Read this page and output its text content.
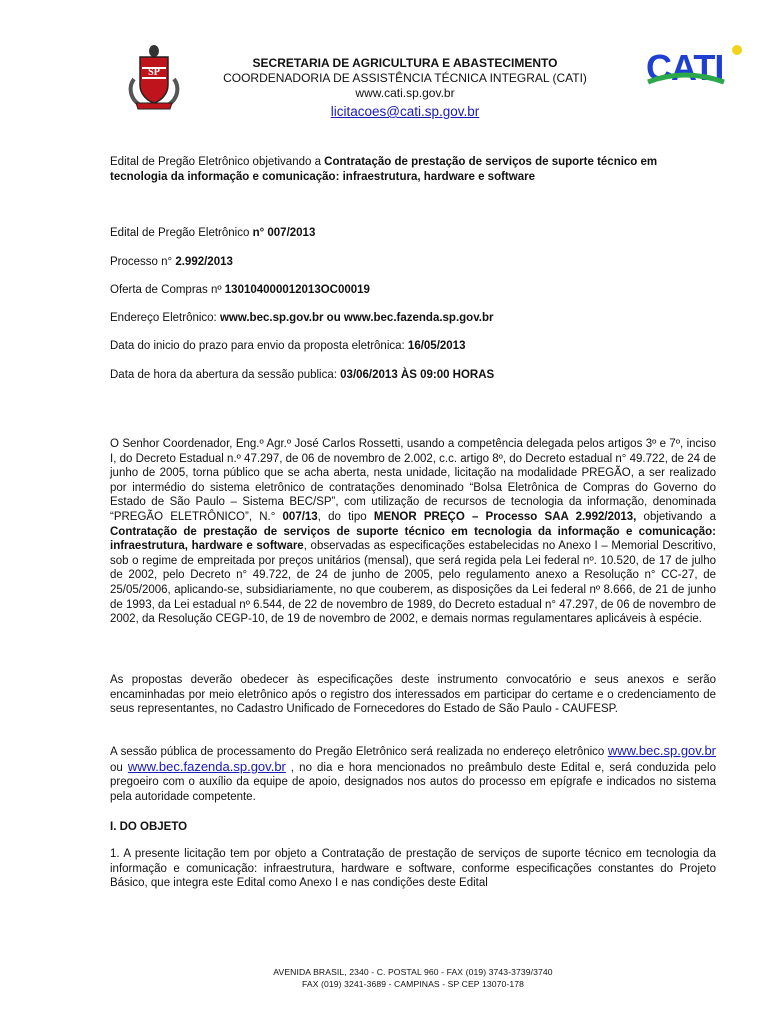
SP	CATI
SECRETARIA DE AGRICULTURA E ABASTECIMENTO
COORDENADORIA DE ASSISTÊNCIA TÉCNICA INTEGRAL (CATI)
www.cati.sp.gov.br
licitacoes@cati.sp.gov.br
Edital de Pregão Eletrônico objetivando a Contratação de prestação de serviços de suporte técnico em tecnologia da informação e comunicação: infraestrutura, hardware e software
Edital de Pregão Eletrônico n° 007/2013
Processo n° 2.992/2013
Oferta de Compras nº 130104000012013OC00019
Endereço Eletrônico: www.bec.sp.gov.br ou www.bec.fazenda.sp.gov.br
Data do inicio do prazo para envio da proposta eletrônica: 16/05/2013
Data de hora da abertura da sessão publica: 03/06/2013 ÀS 09:00 HORAS
O Senhor Coordenador, Eng.º Agr.º José Carlos Rossetti, usando a competência delegada pelos artigos 3º e 7º, inciso I, do Decreto Estadual n.º 47.297, de 06 de novembro de 2.002, c.c. artigo 8º, do Decreto estadual n° 49.722, de 24 de junho de 2005, torna público que se acha aberta, nesta unidade, licitação na modalidade PREGÃO, a ser realizado por intermédio do sistema eletrônico de contratações denominado “Bolsa Eletrônica de Compras do Governo do Estado de São Paulo – Sistema BEC/SP”, com utilização de recursos de tecnologia da informação, denominada “PREGÃO ELETRÔNICO”, N.° 007/13, do tipo MENOR PREÇO – Processo SAA 2.992/2013, objetivando a Contratação de prestação de serviços de suporte técnico em tecnologia da informação e comunicação: infraestrutura, hardware e software, observadas as especificações estabelecidas no Anexo I – Memorial Descritivo, sob o regime de empreitada por preços unitários (mensal), que será regida pela Lei federal nº. 10.520, de 17 de julho de 2002, pelo Decreto n° 49.722, de 24 de junho de 2005, pelo regulamento anexo a Resolução n° CC-27, de 25/05/2006, aplicando-se, subsidiariamente, no que couberem, as disposições da Lei federal nº 8.666, de 21 de junho de 1993, da Lei estadual nº 6.544, de 22 de novembro de 1989, do Decreto estadual n° 47.297, de 06 de novembro de 2002, da Resolução CEGP-10, de 19 de novembro de 2002, e demais normas regulamentares aplicáveis à espécie.
As propostas deverão obedecer às especificações deste instrumento convocatório e seus anexos e serão encaminhadas por meio eletrônico após o registro dos interessados em participar do certame e o credenciamento de seus representantes, no Cadastro Unificado de Fornecedores do Estado de São Paulo - CAUFESP.
A sessão pública de processamento do Pregão Eletrônico será realizada no endereço eletrônico www.bec.sp.gov.br ou www.bec.fazenda.sp.gov.br , no dia e hora mencionados no preâmbulo deste Edital e, será conduzida pelo pregoeiro com o auxílio da equipe de apoio, designados nos autos do processo em epígrafe e indicados no sistema pela autoridade competente.
I. DO OBJETO
1. A presente licitação tem por objeto a Contratação de prestação de serviços de suporte técnico em tecnologia da informação e comunicação: infraestrutura, hardware e software, conforme especificações constantes do Projeto Básico, que integra este Edital como Anexo I e nas condições deste Edital
AVENIDA BRASIL, 2340 - C. POSTAL 960 - FAX (019) 3743-3739/3740
FAX (019) 3241-3689 - CAMPINAS - SP CEP 13070-178
